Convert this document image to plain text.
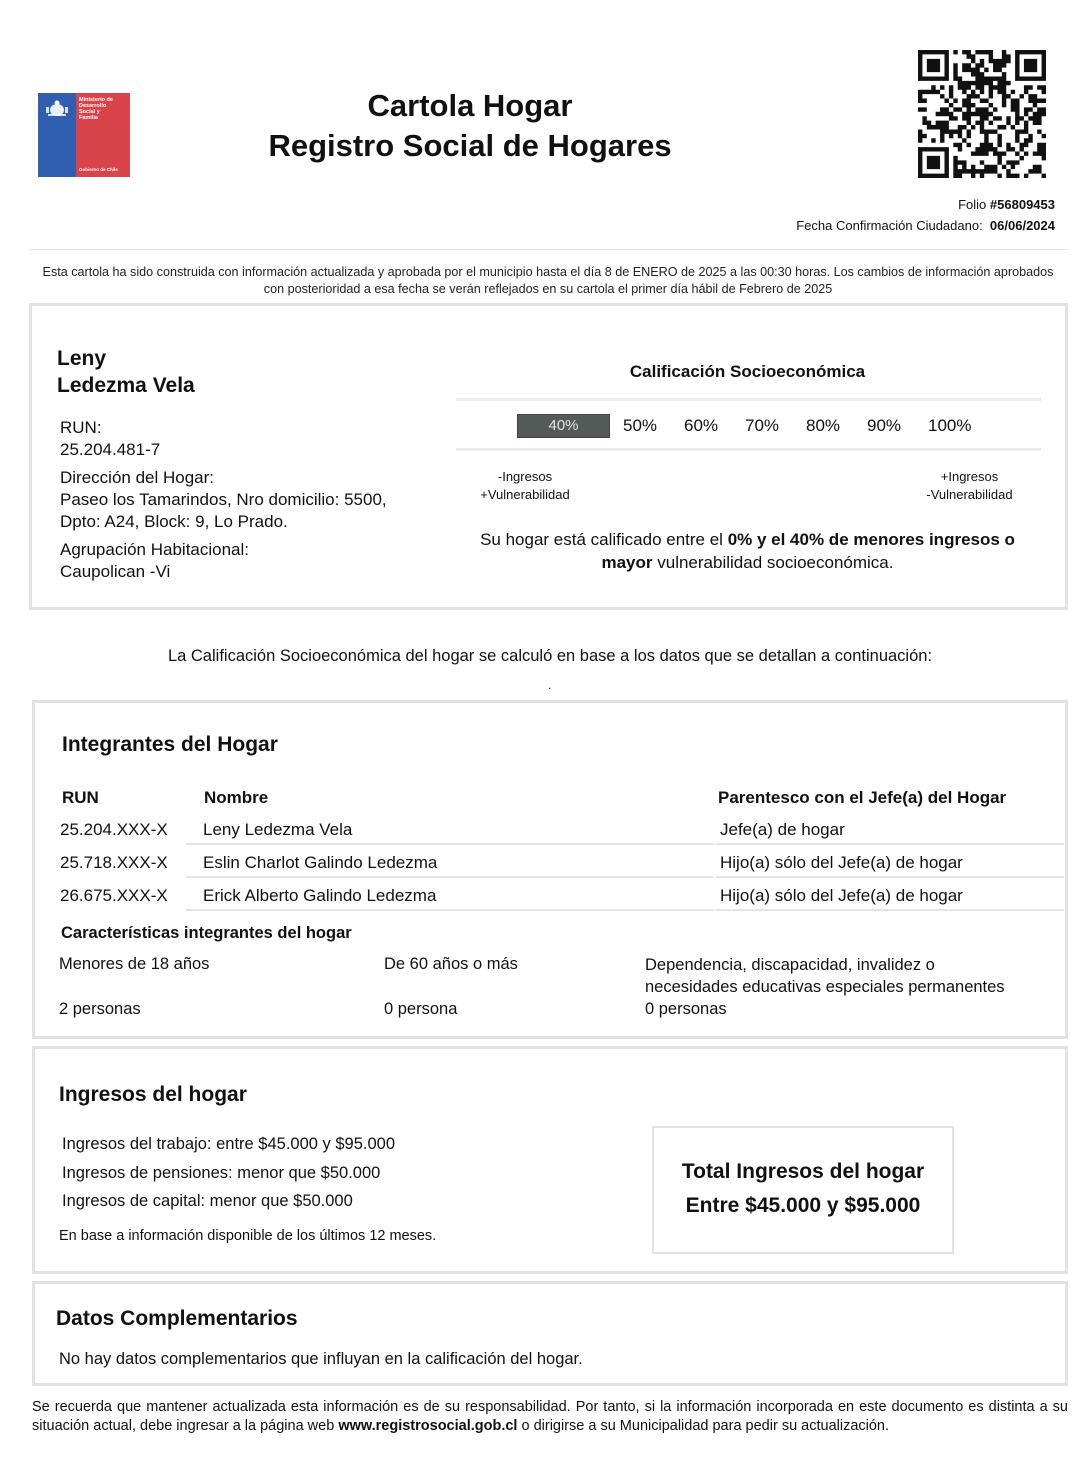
Ministerio de
Desarrollo
Social y
Familia
Gobierno de Chile
Cartola Hogar
Registro Social de Hogares
Folio #56809453
Fecha Confirmación Ciudadano: 06/06/2024
Esta cartola ha sido construida con información actualizada y aprobada por el municipio hasta el día 8 de ENERO de 2025 a las 00:30 horas. Los cambios de información aprobados con posterioridad a esa fecha se verán reflejados en su cartola el primer día hábil de Febrero de 2025
Leny
Ledezma Vela
RUN:
25.204.481-7
Dirección del Hogar:
Paseo los Tamarindos, Nro domicilio: 5500,
Dpto: A24, Block: 9, Lo Prado.
Agrupación Habitacional:
Caupolican -Vi
Calificación Socioeconómica
40%	50%	60%	70%	80%	90%	100%
-Ingresos
+Vulnerabilidad
+Ingresos
-Vulnerabilidad
Su hogar está calificado entre el 0% y el 40% de menores ingresos o mayor vulnerabilidad socioeconómica.
La Calificación Socioeconómica del hogar se calculó en base a los datos que se detallan a continuación:
.
Integrantes del Hogar
RUN	Nombre	Parentesco con el Jefe(a) del Hogar
25.204.XXX-X	Leny Ledezma Vela	Jefe(a) de hogar
25.718.XXX-X	Eslin Charlot Galindo Ledezma	Hijo(a) sólo del Jefe(a) de hogar
26.675.XXX-X	Erick Alberto Galindo Ledezma	Hijo(a) sólo del Jefe(a) de hogar
Características integrantes del hogar
Menores de 18 años
2 personas
De 60 años o más
0 persona
Dependencia, discapacidad, invalidez o
necesidades educativas especiales permanentes
0 personas
Ingresos del hogar
Ingresos del trabajo: entre $45.000 y $95.000
Ingresos de pensiones: menor que $50.000
Ingresos de capital: menor que $50.000
En base a información disponible de los últimos 12 meses.
Total Ingresos del hogar
Entre $45.000 y $95.000
Datos Complementarios
No hay datos complementarios que influyan en la calificación del hogar.
Se recuerda que mantener actualizada esta información es de su responsabilidad. Por tanto, si la información incorporada en este documento es distinta a su situación actual, debe ingresar a la página web www.registrosocial.gob.cl o dirigirse a su Municipalidad para pedir su actualización.
